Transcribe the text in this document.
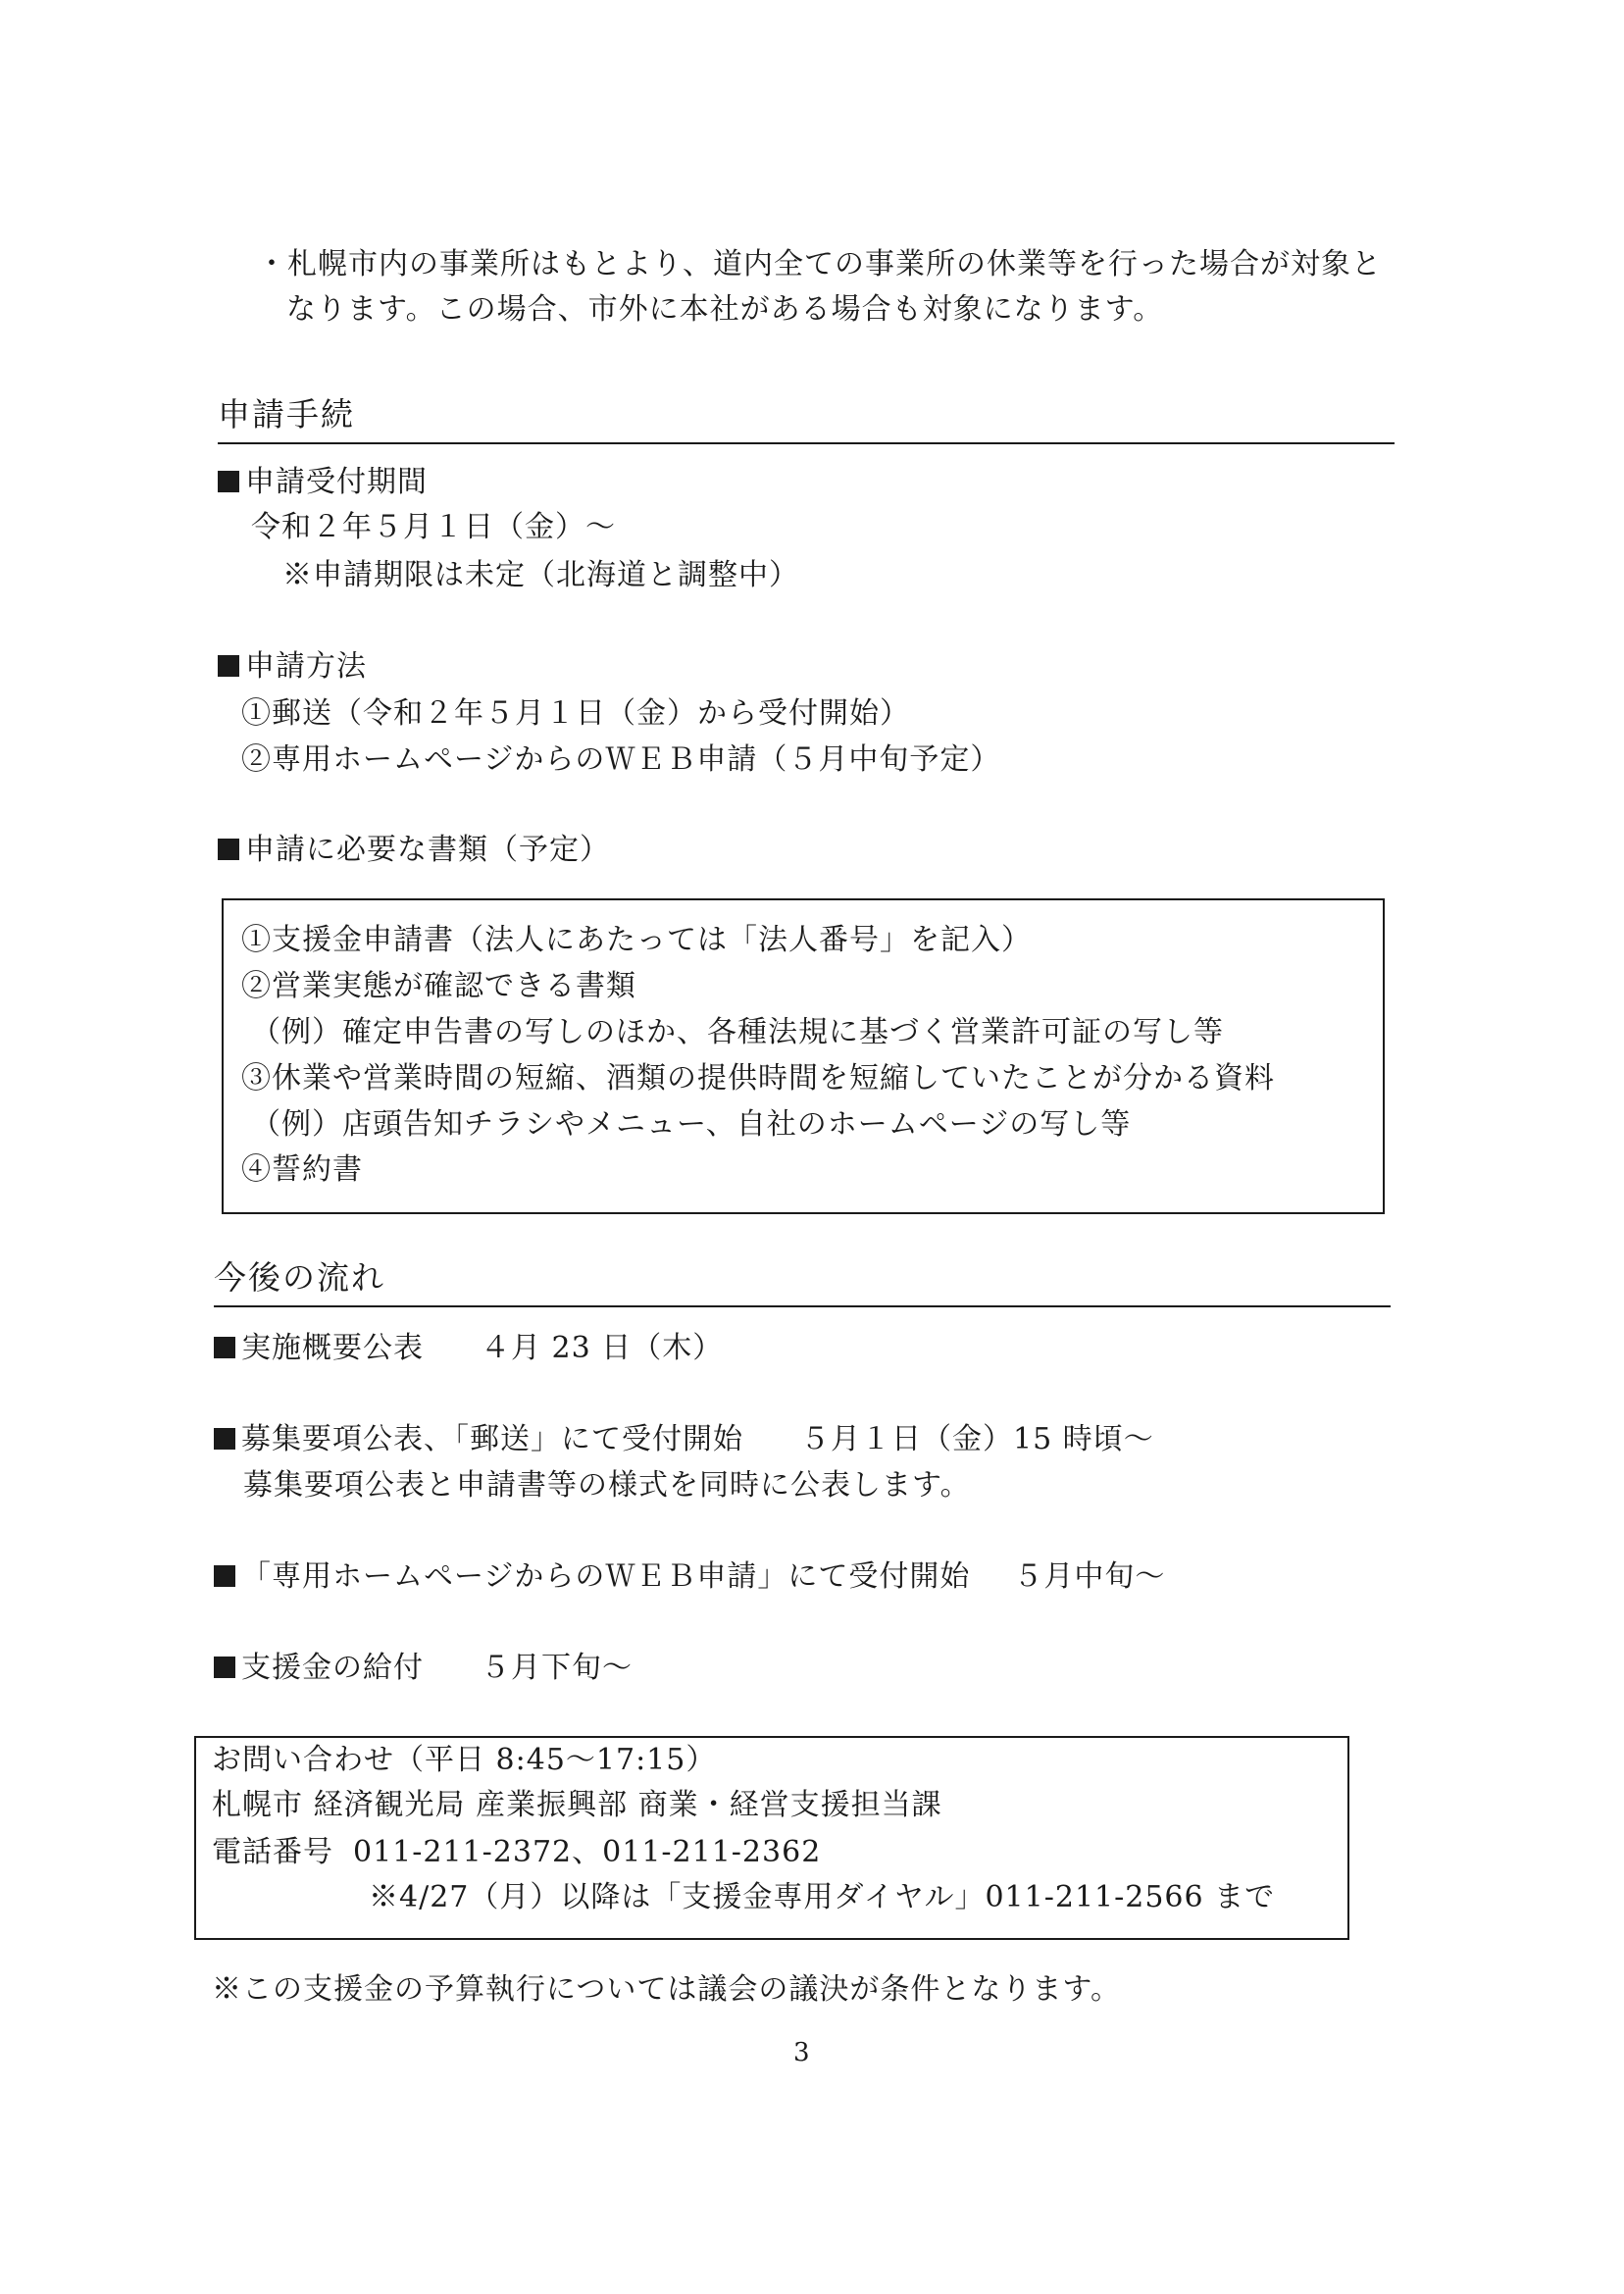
・札幌市内の事業所はもとより、道内全ての事業所の休業等を行った場合が対象と
なります。この場合、市外に本社がある場合も対象になります。
申請手続
申請受付期間
令和２年５月１日（金）～
※申請期限は未定（北海道と調整中）
申請方法
①郵送（令和２年５月１日（金）から受付開始）
②専用ホームページからのＷＥＢ申請（５月中旬予定）
申請に必要な書類（予定）
①支援金申請書（法人にあたっては「法人番号」を記入）
②営業実態が確認できる書類
（例）確定申告書の写しのほか、各種法規に基づく営業許可証の写し等
③休業や営業時間の短縮、酒類の提供時間を短縮していたことが分かる資料
（例）店頭告知チラシやメニュー、自社のホームページの写し等
④誓約書
今後の流れ
実施概要公表 ４月 23 日（木）
募集要項公表、「郵送」にて受付開始 ５月１日（金）15 時頃～
募集要項公表と申請書等の様式を同時に公表します。
「専用ホームページからのＷＥＢ申請」にて受付開始 ５月中旬～
支援金の給付 ５月下旬～
お問い合わせ（平日 8:45～17:15）
札幌市 経済観光局 産業振興部 商業・経営支援担当課
電話番号 011-211-2372、011-211-2362
※4/27（月）以降は「支援金専用ダイヤル」011-211-2566 まで
※この支援金の予算執行については議会の議決が条件となります。
3
